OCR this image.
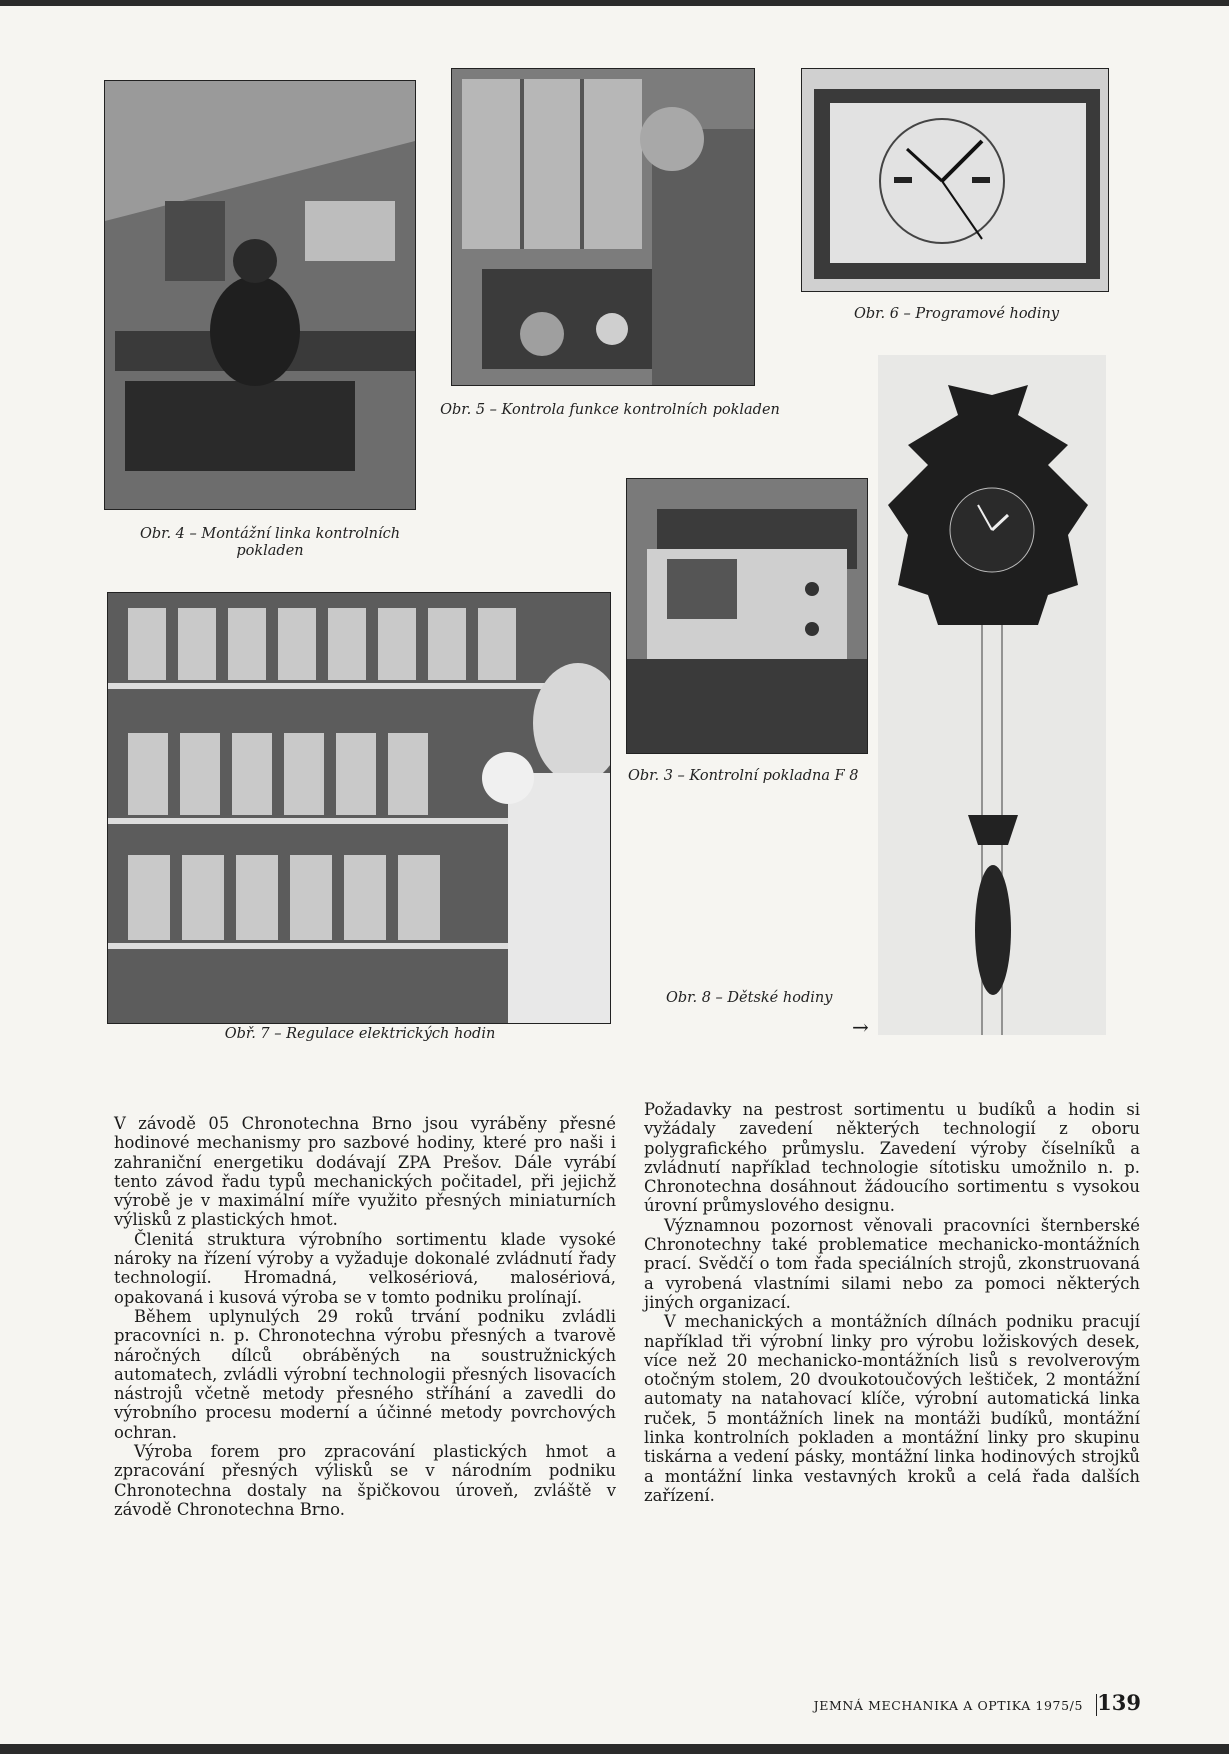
Obr. 4 – Montážní linka kontrolních pokladen
Obr. 5 – Kontrola funkce kontrolních pokladen
Obr. 6 – Programové hodiny
Obr. 3 – Kontrolní pokladna F 8
Obř. 7 – Regulace elektrických hodin
Obr. 8 – Dětské hodiny
→

V závodě 05 Chronotechna Brno jsou vyráběny přesné hodinové mechanismy pro sazbové hodiny, které pro naši i zahraniční energetiku dodávají ZPA Prešov. Dále vyrábí tento závod řadu typů mechanických počitadel, při jejichž výrobě je v maximální míře využito přesných miniaturních výlisků z plastických hmot.

Členitá struktura výrobního sortimentu klade vysoké nároky na řízení výroby a vyžaduje dokonalé zvládnutí řady technologií. Hromadná, velkosériová, malosériová, opakovaná i kusová výroba se v tomto podniku prolínají.

Během uplynulých 29 roků trvání podniku zvládli pracovníci n. p. Chronotechna výrobu přesných a tvarově náročných dílců obráběných na soustružnických automatech, zvládli výrobní technologii přesných lisovacích nástrojů včetně metody přesného stříhání a zavedli do výrobního procesu moderní a účinné metody povrchových ochran.

Výroba forem pro zpracování plastických hmot a zpracování přesných výlisků se v národním podniku Chronotechna dostaly na špičkovou úroveň, zvláště v závodě Chronotechna Brno.

Požadavky na pestrost sortimentu u budíků a hodin si vyžádaly zavedení některých technologií z oboru polygrafického průmyslu. Zavedení výroby číselníků a zvládnutí například technologie sítotisku umožnilo n. p. Chronotechna dosáhnout žádoucího sortimentu s vysokou úrovní průmyslového designu.

Významnou pozornost věnovali pracovníci šternberské Chronotechny také problematice mechanicko-montážních prací. Svědčí o tom řada speciálních strojů, zkonstruovaná a vyrobená vlastními silami nebo za pomoci některých jiných organizací.

V mechanických a montážních dílnách podniku pracují například tři výrobní linky pro výrobu ložiskových desek, více než 20 mechanicko-montážních lisů s revolverovým otočným stolem, 20 dvoukotoučových leštiček, 2 montážní automaty na natahovací klíče, výrobní automatická linka ruček, 5 montážních linek na montáži budíků, montážní linka kontrolních pokladen a montážní linky pro skupinu tiskárna a vedení pásky, montážní linka hodinových strojků a montážní linka vestavných kroků a celá řada dalších zařízení.

JEMNÁ MECHANIKA A OPTIKA 1975/5 139
